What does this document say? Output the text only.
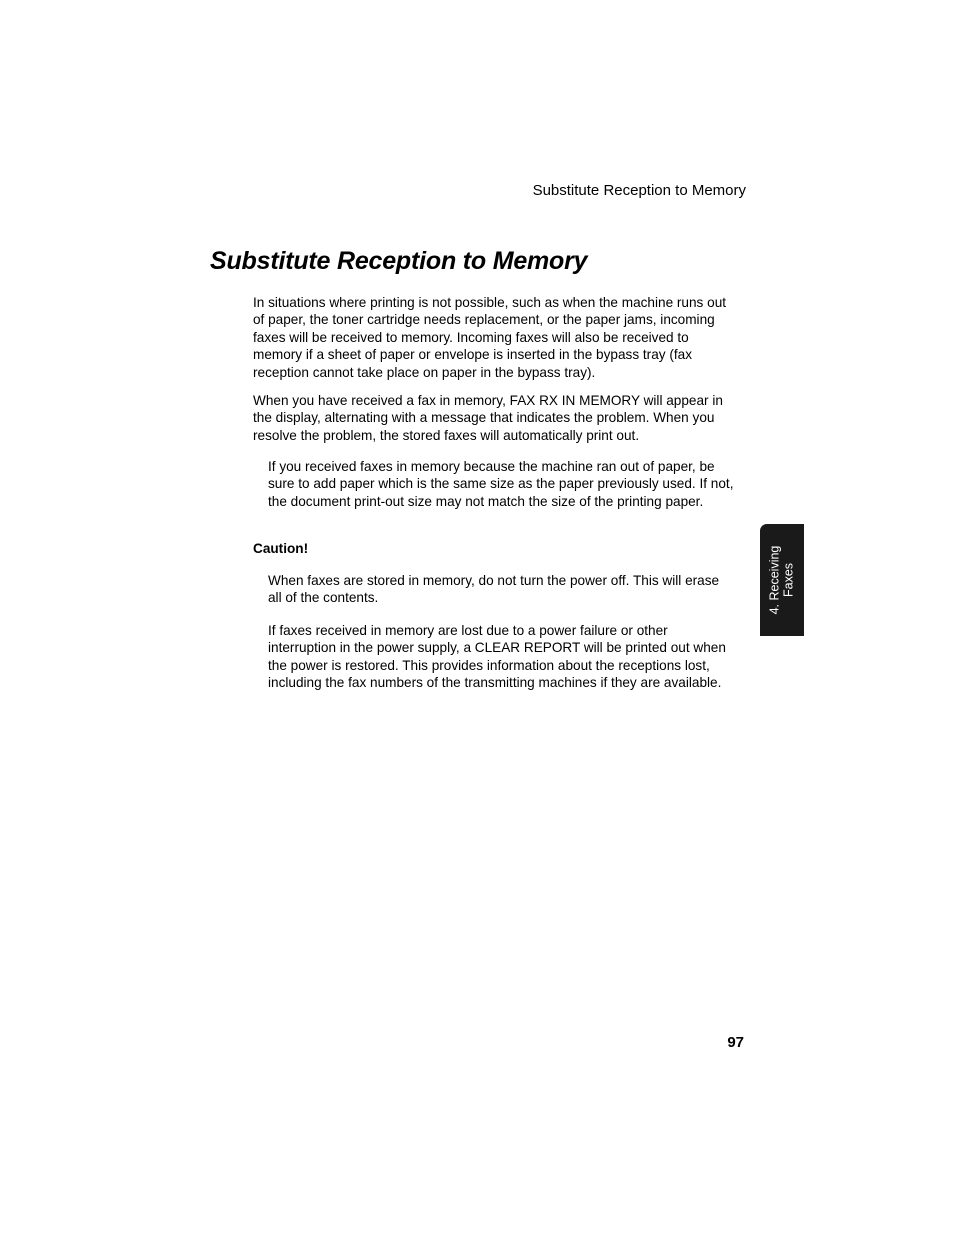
Substitute Reception to Memory
Substitute Reception to Memory

In situations where printing is not possible, such as when the machine runs out of paper, the toner cartridge needs replacement, or the paper jams, incoming faxes will be received to memory. Incoming faxes will also be received to memory if a sheet of paper or envelope is inserted in the bypass tray (fax reception cannot take place on paper in the bypass tray).

When you have received a fax in memory, FAX RX IN MEMORY will appear in the display, alternating with a message that indicates the problem. When you resolve the problem, the stored faxes will automatically print out.

If you received faxes in memory because the machine ran out of paper, be sure to add paper which is the same size as the paper previously used. If not, the document print-out size may not match the size of the printing paper.

Caution!

When faxes are stored in memory, do not turn the power off. This will erase all of the contents.

If faxes received in memory are lost due to a power failure or other interruption in the power supply, a CLEAR REPORT will be printed out when the power is restored. This provides information about the receptions lost, including the fax numbers of the transmitting machines if they are available.

4. Receiving Faxes
97
